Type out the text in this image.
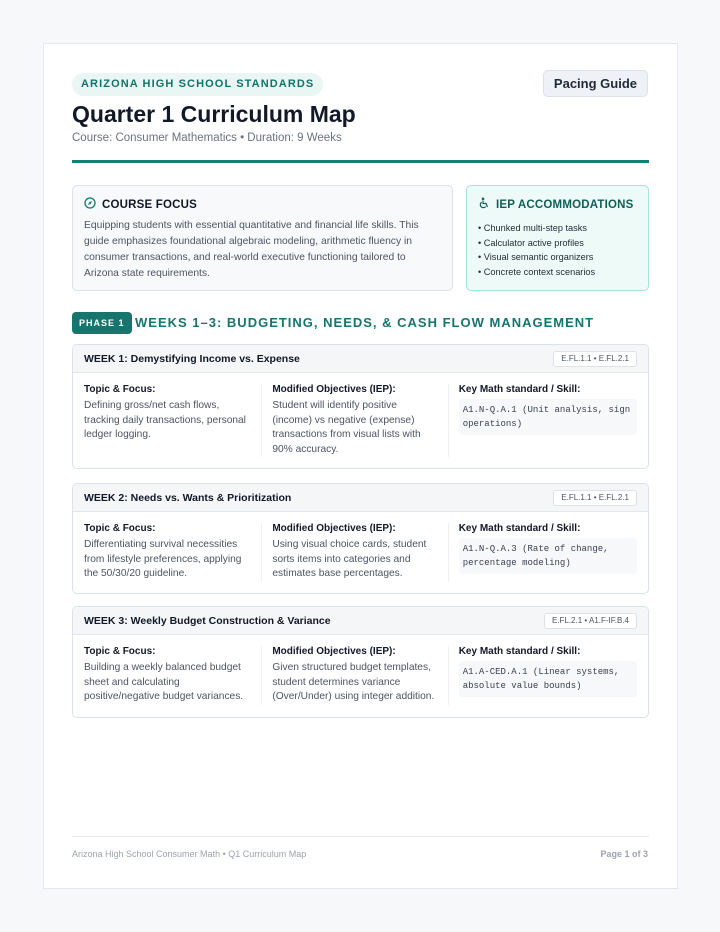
ARIZONA HIGH SCHOOL STANDARDS	Pacing Guide
Quarter 1 Curriculum Map
Course: Consumer Mathematics • Duration: 9 Weeks
COURSE FOCUS

Equipping students with essential quantitative and financial life skills. This guide emphasizes foundational algebraic modeling, arithmetic fluency in consumer transactions, and real-world executive functioning tailored to Arizona state requirements.

IEP ACCOMMODATIONS
• Chunked multi-step tasks
• Calculator active profiles
• Visual semantic organizers
• Concrete context scenarios
PHASE 1 WEEKS 1–3: BUDGETING, NEEDS, & CASH FLOW MANAGEMENT
WEEK 1: Demystifying Income vs. Expense	E.FL.1.1 • E.FL.2.1
Topic & Focus:
Defining gross/net cash flows, tracking daily transactions, personal ledger logging.
Modified Objectives (IEP):
Student will identify positive (income) vs negative (expense) transactions from visual lists with 90% accuracy.
Key Math standard / Skill:
A1.N-Q.A.1 (Unit analysis, sign operations)
WEEK 2: Needs vs. Wants & Prioritization	E.FL.1.1 • E.FL.2.1
Topic & Focus:
Differentiating survival necessities from lifestyle preferences, applying the 50/30/20 guideline.
Modified Objectives (IEP):
Using visual choice cards, student sorts items into categories and estimates base percentages.
Key Math standard / Skill:
A1.N-Q.A.3 (Rate of change, percentage modeling)
WEEK 3: Weekly Budget Construction & Variance	E.FL.2.1 • A1.F-IF.B.4
Topic & Focus:
Building a weekly balanced budget sheet and calculating positive/negative budget variances.
Modified Objectives (IEP):
Given structured budget templates, student determines variance (Over/Under) using integer addition.
Key Math standard / Skill:
A1.A-CED.A.1 (Linear systems, absolute value bounds)
Arizona High School Consumer Math • Q1 Curriculum Map	Page 1 of 3
